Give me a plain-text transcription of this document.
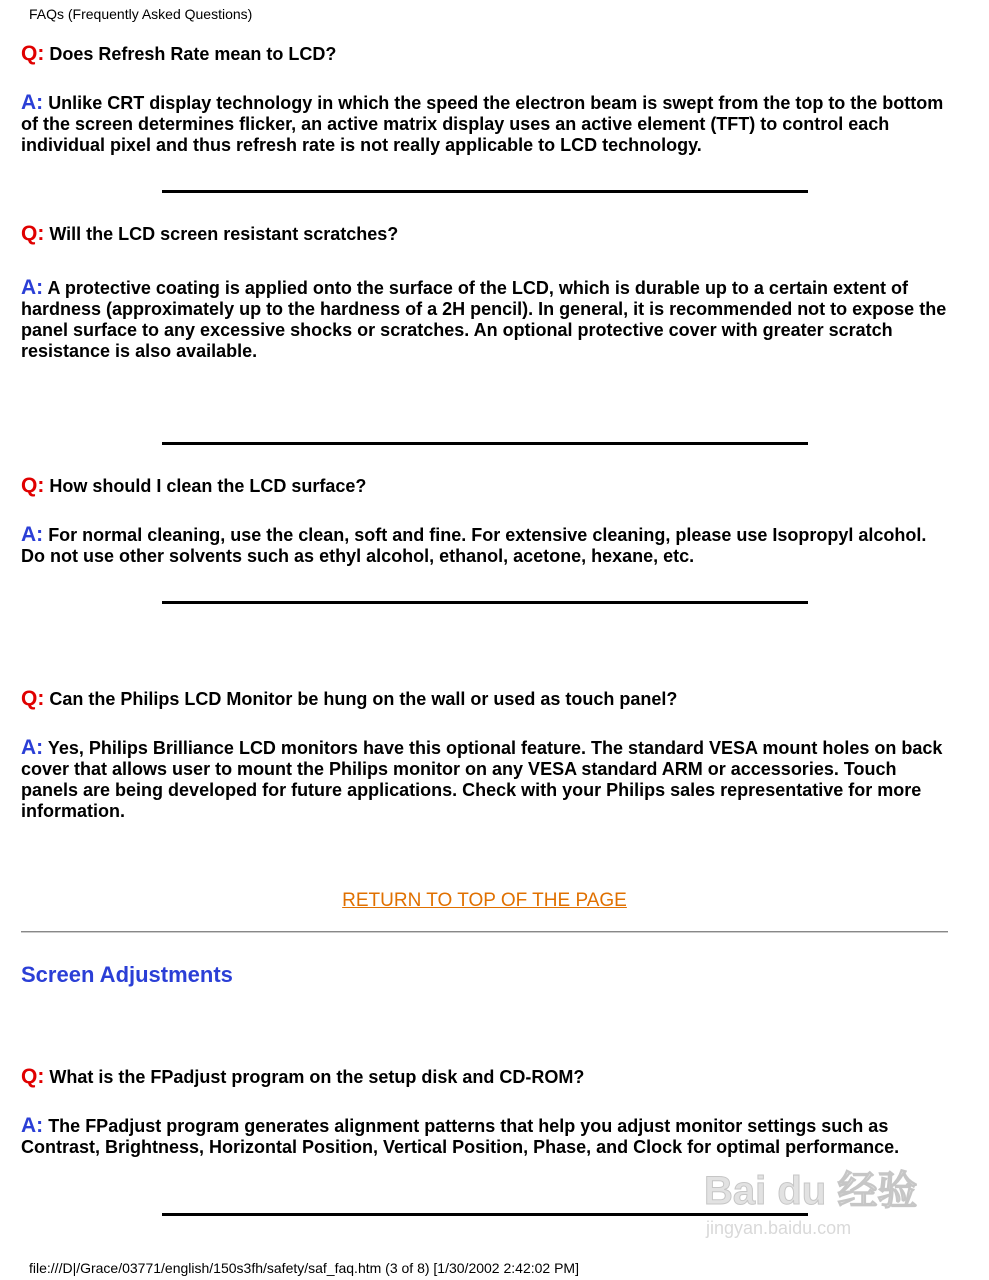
FAQs (Frequently Asked Questions)
Q: Does Refresh Rate mean to LCD?
A: Unlike CRT display technology in which the speed the electron beam is swept from the top to the bottom of the screen determines flicker, an active matrix display uses an active element (TFT) to control each individual pixel and thus refresh rate is not really applicable to LCD technology.
Q: Will the LCD screen resistant scratches?
A: A protective coating is applied onto the surface of the LCD, which is durable up to a certain extent of hardness (approximately up to the hardness of a 2H pencil). In general, it is recommended not to expose the panel surface to any excessive shocks or scratches. An optional protective cover with greater scratch resistance is also available.
Q: How should I clean the LCD surface?
A: For normal cleaning, use the clean, soft and fine. For extensive cleaning, please use Isopropyl alcohol. Do not use other solvents such as ethyl alcohol, ethanol, acetone, hexane, etc.
Q: Can the Philips LCD Monitor be hung on the wall or used as touch panel?
A: Yes, Philips Brilliance LCD monitors have this optional feature. The standard VESA mount holes on back cover that allows user to mount the Philips monitor on any VESA standard ARM or accessories. Touch panels are being developed for future applications. Check with your Philips sales representative for more information.
RETURN TO TOP OF THE PAGE
Screen Adjustments
Q: What is the FPadjust program on the setup disk and CD-ROM?
A: The FPadjust program generates alignment patterns that help you adjust monitor settings such as Contrast, Brightness, Horizontal Position, Vertical Position, Phase, and Clock for optimal performance.
Bai du 经验
jingyan.baidu.com
file:///D|/Grace/03771/english/150s3fh/safety/saf_faq.htm (3 of 8) [1/30/2002 2:42:02 PM]
